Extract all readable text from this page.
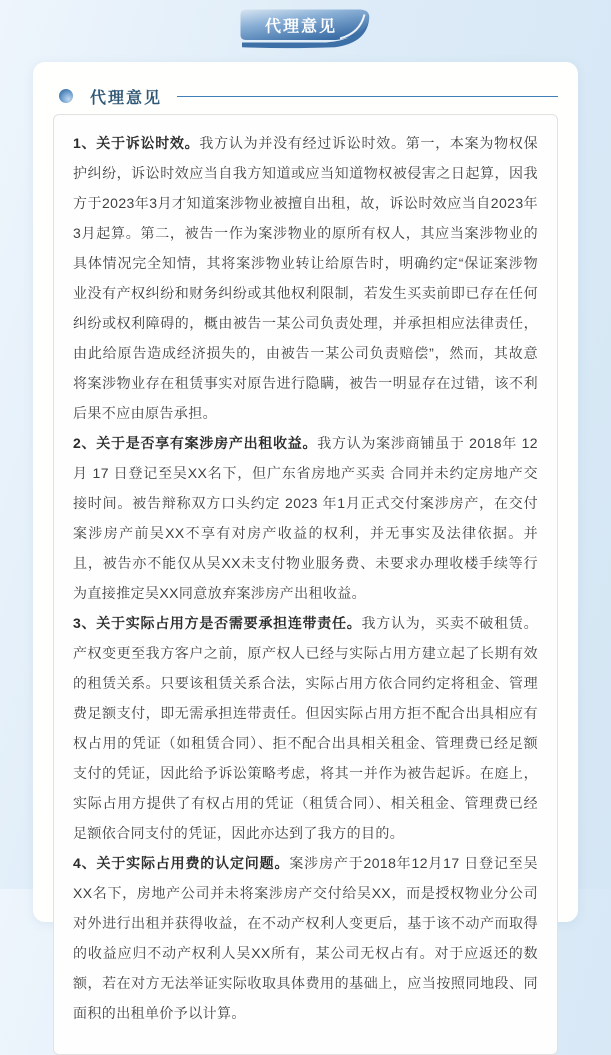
代理意见
代理意见

1、关于诉讼时效。我方认为并没有经过诉讼时效。第一，本案为物权保护纠纷，诉讼时效应当自我方知道或应当知道物权被侵害之日起算，因我方于2023年3月才知道案涉物业被擅自出租，故，诉讼时效应当自2023年3月起算。第二，被告一作为案涉物业的原所有权人，其应当案涉物业的具体情况完全知情，其将案涉物业转让给原告时，明确约定“保证案涉物业没有产权纠纷和财务纠纷或其他权利限制，若发生买卖前即已存在任何纠纷或权利障碍的，概由被告一某公司负责处理，并承担相应法律责任，由此给原告造成经济损失的，由被告一某公司负责赔偿”，然而，其故意将案涉物业存在租赁事实对原告进行隐瞒，被告一明显存在过错，该不利后果不应由原告承担。

2、关于是否享有案涉房产出租收益。我方认为案涉商铺虽于 2018年 12 月 17 日登记至吴XX名下，但广东省房地产买卖 合同并未约定房地产交接时间。被告辩称双方口头约定 2023 年1月正式交付案涉房产，在交付案涉房产前吴XX不享有对房产收益的权利，并无事实及法律依据。并且，被告亦不能仅从吴XX未支付物业服务费、未要求办理收楼手续等行为直接推定吴XX同意放弃案涉房产出租收益。

3、关于实际占用方是否需要承担连带责任。我方认为，买卖不破租赁。产权变更至我方客户之前，原产权人已经与实际占用方建立起了长期有效的租赁关系。只要该租赁关系合法，实际占用方依合同约定将租金、管理费足额支付，即无需承担连带责任。但因实际占用方拒不配合出具相应有权占用的凭证（如租赁合同）、拒不配合出具相关租金、管理费已经足额支付的凭证，因此给予诉讼策略考虑，将其一并作为被告起诉。在庭上，实际占用方提供了有权占用的凭证（租赁合同）、相关租金、管理费已经足额依合同支付的凭证，因此亦达到了我方的目的。

4、关于实际占用费的认定问题。案涉房产于2018年12月17 日登记至吴XX名下，房地产公司并未将案涉房产交付给吴XX，而是授权物业分公司对外进行出租并获得收益，在不动产权利人变更后，基于该不动产而取得的收益应归不动产权利人吴XX所有，某公司无权占有。对于应返还的数额，若在对方无法举证实际收取具体费用的基础上，应当按照同地段、同面积的出租单价予以计算。
